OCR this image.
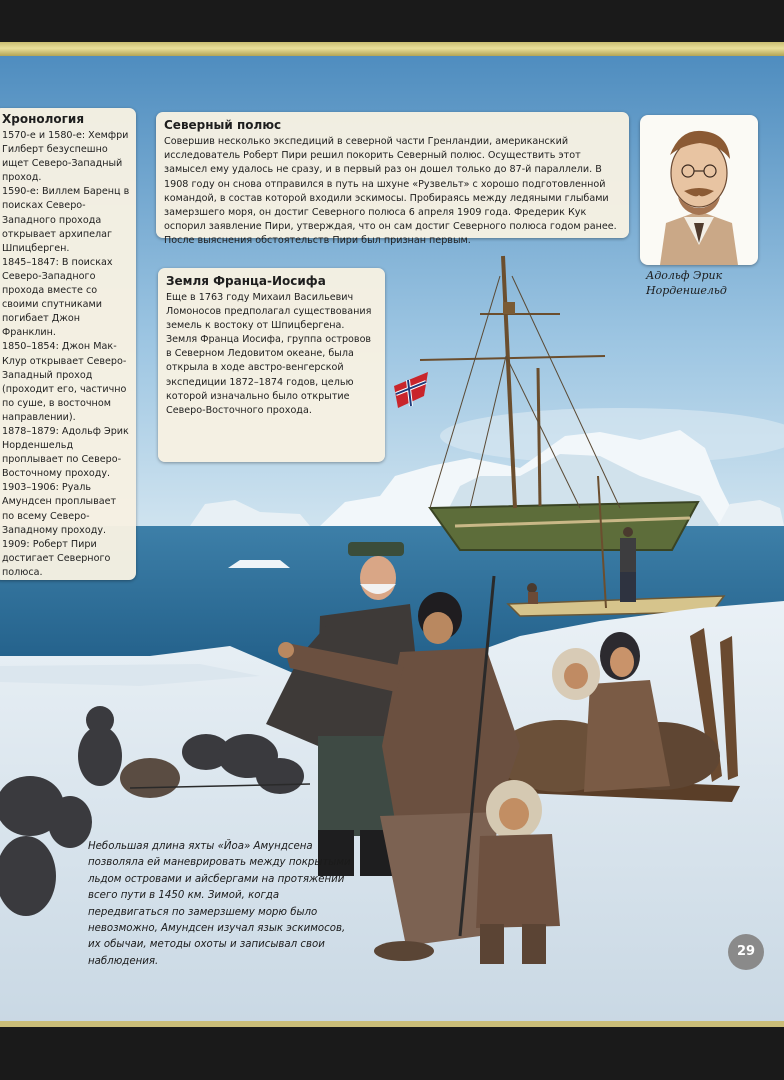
Хронология
1570-е и 1580-е: Хемфри Гилберт безуспешно ищет Северо-Западный проход.
1590-е: Виллем Баренц в поисках Северо-Западного прохода открывает архипелаг Шпицберген.
1845–1847: В поисках Северо-Западного прохода вместе со своими спутниками погибает Джон Франклин.
1850–1854: Джон Мак-Клур открывает Северо-Западный проход (проходит его, частично по суше, в восточном направлении).
1878–1879: Адольф Эрик Норденшельд проплывает по Северо-Восточному проходу.
1903–1906: Руаль Амундсен проплывает по всему Северо-Западному проходу.
1909: Роберт Пири достигает Северного полюса.
Северный полюс

Совершив несколько экспедиций в северной части Гренландии, американский исследователь Роберт Пири решил покорить Северный полюс. Осуществить этот замысел ему удалось не сразу, и в первый раз он дошел только до 87-й параллели. В 1908 году он снова отправился в путь на шхуне «Рузвельт» с хорошо подготовленной командой, в состав которой входили эскимосы. Пробираясь между ледяными глыбами замерзшего моря, он достиг Северного полюса 6 апреля 1909 года. Фредерик Кук оспорил заявление Пири, утверждая, что он сам достиг Северного полюса годом ранее. После выяснения обстоятельств Пири был признан первым.

Земля Франца-Иосифа

Еще в 1763 году Михаил Васильевич Ломоносов предполагал существования земель к востоку от Шпицбергена. Земля Франца Иосифа, группа островов в Северном Ледовитом океане, была открыла в ходе австро-венгерской экспедиции 1872–1874 годов, целью которой изначально было открытие Северо-Восточного прохода.

Адольф Эрик Норденшельд
Небольшая длина яхты «Йоа» Амундсена позволяла ей маневрировать между покрытыми льдом островами и айсбергами на протяжении всего пути в 1450 км. Зимой, когда передвигаться по замерзшему морю было невозможно, Амундсен изучал язык эскимосов, их обычаи, методы охоты и записывал свои наблюдения.
29
